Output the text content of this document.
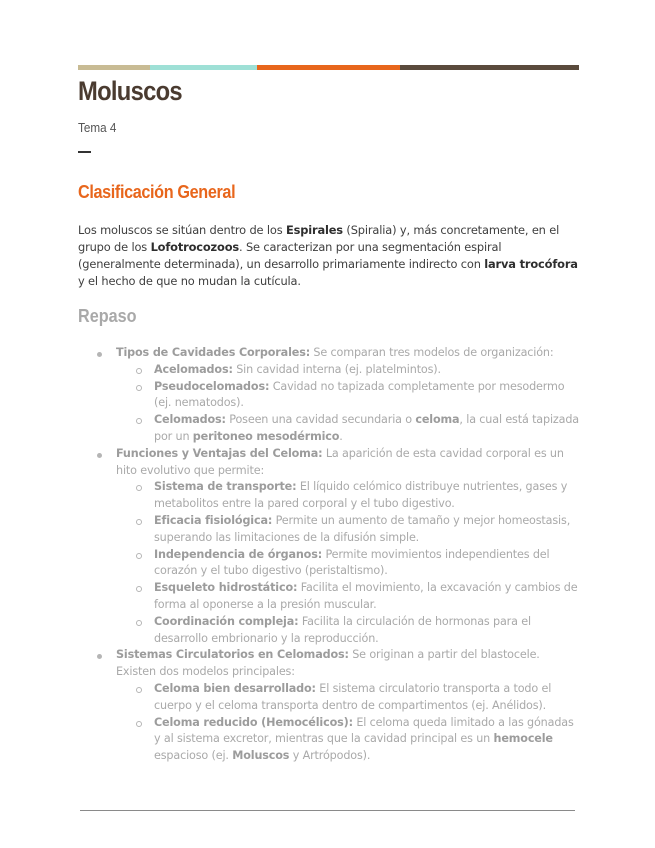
Moluscos
Tema 4
Clasificación General

Los moluscos se sitúan dentro de los Espirales (Spiralia) y, más concretamente, en el grupo de los Lofotrocozoos. Se caracterizan por una segmentación espiral (generalmente determinada), un desarrollo primariamente indirecto con larva trocófora y el hecho de que no mudan la cutícula.

Repaso
Tipos de Cavidades Corporales: Se comparan tres modelos de organización:
Acelomados: Sin cavidad interna (ej. platelmintos).
Pseudocelomados: Cavidad no tapizada completamente por mesodermo (ej. nematodos).
Celomados: Poseen una cavidad secundaria o celoma, la cual está tapizada por un peritoneo mesodérmico.
Funciones y Ventajas del Celoma: La aparición de esta cavidad corporal es un hito evolutivo que permite:
Sistema de transporte: El líquido celómico distribuye nutrientes, gases y metabolitos entre la pared corporal y el tubo digestivo.
Eficacia fisiológica: Permite un aumento de tamaño y mejor homeostasis, superando las limitaciones de la difusión simple.
Independencia de órganos: Permite movimientos independientes del corazón y el tubo digestivo (peristaltismo).
Esqueleto hidrostático: Facilita el movimiento, la excavación y cambios de forma al oponerse a la presión muscular.
Coordinación compleja: Facilita la circulación de hormonas para el desarrollo embrionario y la reproducción.
Sistemas Circulatorios en Celomados: Se originan a partir del blastocele. Existen dos modelos principales:
Celoma bien desarrollado: El sistema circulatorio transporta a todo el cuerpo y el celoma transporta dentro de compartimentos (ej. Anélidos).
Celoma reducido (Hemocélicos): El celoma queda limitado a las gónadas y al sistema excretor, mientras que la cavidad principal es un hemocele espacioso (ej. Moluscos y Artrópodos).
